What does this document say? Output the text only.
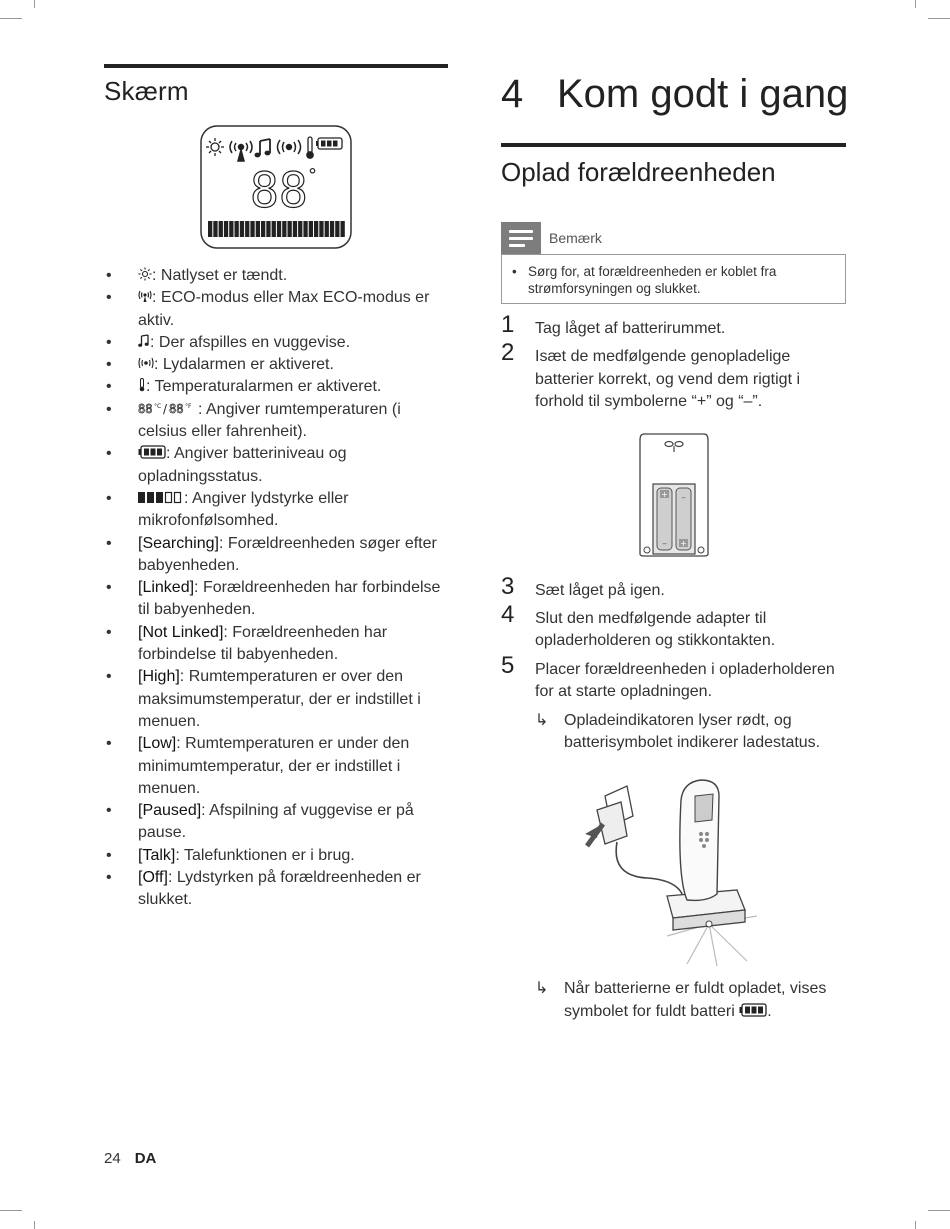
Skærm
88 °
• : Natlyset er tændt.
• : ECO-modus eller Max ECO-modus er aktiv.
• : Der afspilles en vuggevise.
• : Lydalarmen er aktiveret.
• : Temperaturalarmen er aktiveret.
• 88 °C / 88 °F : Angiver rumtemperaturen (i celsius eller fahrenheit).
• : Angiver batteriniveau og opladningsstatus.
• : Angiver lydstyrke eller mikrofonfølsomhed.
• [Searching]: Forældreenheden søger efter babyenheden.
• [Linked]: Forældreenheden har forbindelse til babyenheden.
• [Not Linked]: Forældreenheden har forbindelse til babyenheden.
• [High]: Rumtemperaturen er over den maksimumstemperatur, der er indstillet i menuen.
• [Low]: Rumtemperaturen er under den minimumtemperatur, der er indstillet i menuen.
• [Paused]: Afspilning af vuggevise er på pause.
• [Talk]: Talefunktionen er i brug.
• [Off]: Lydstyrken på forældreenheden er slukket.
4 Kom godt i gang
Oplad forældreenheden
Bemærk
• Sørg for, at forældreenheden er koblet fra strømforsyningen og slukket.
1 Tag låget af batterirummet.
2 Isæt de medfølgende genopladelige batterier korrekt, og vend dem rigtigt i forhold til symbolerne “+” og “–”.
+
+
–
–
3 Sæt låget på igen.
4 Slut den medfølgende adapter til opladerholderen og stikkontakten.
5 Placer forældreenheden i opladerholderen for at starte opladningen.
↳ Opladeindikatoren lyser rødt, og batterisymbolet indikerer ladestatus.
↳ Når batterierne er fuldt opladet, vises symbolet for fuldt batteri .
24 DA
